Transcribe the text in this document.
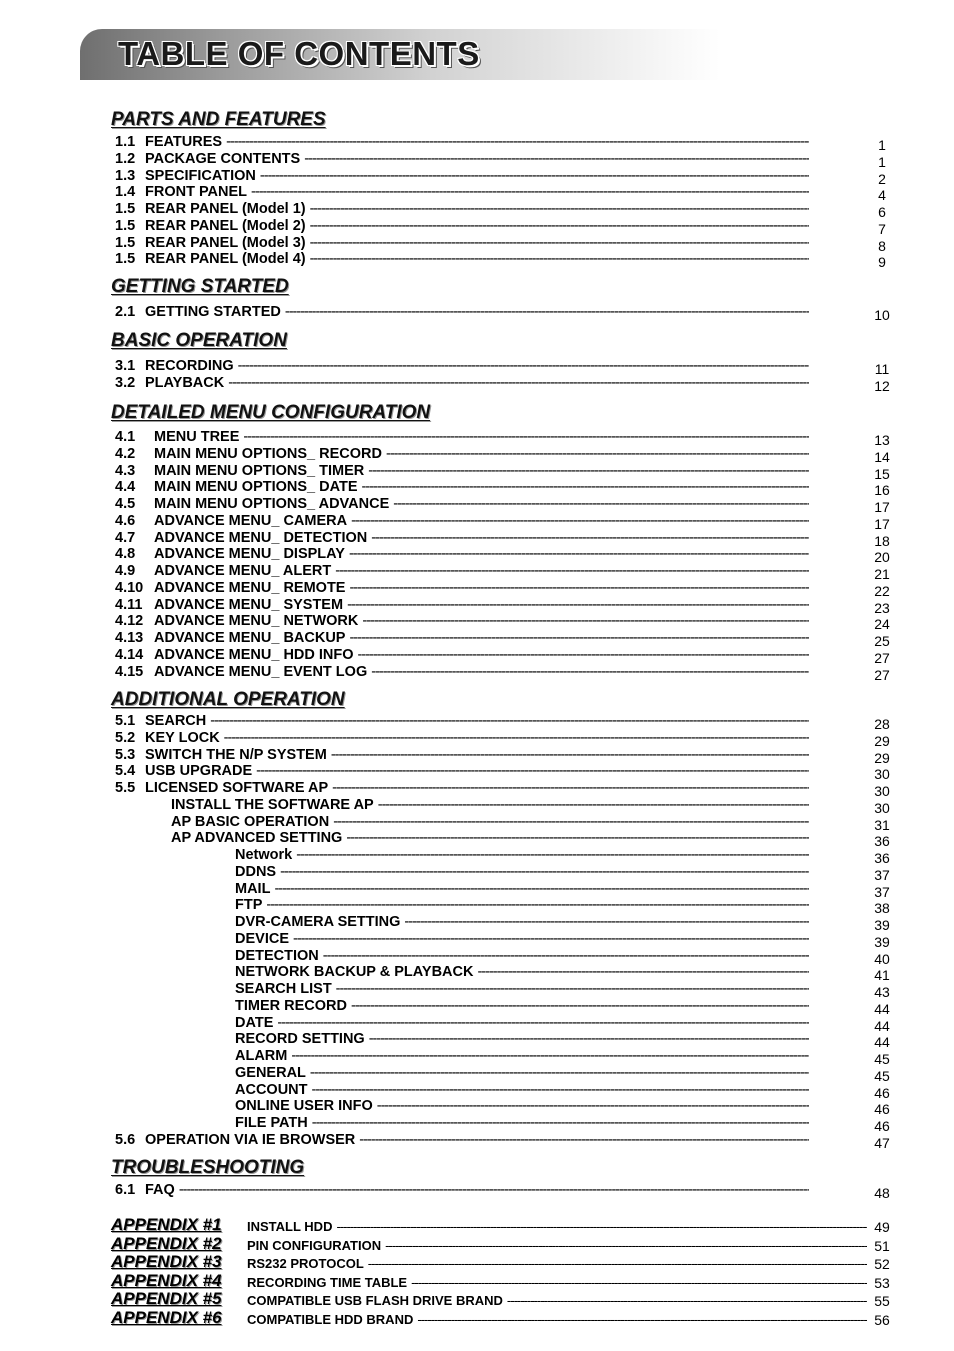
TABLE OF CONTENTS
PARTS AND FEATURES
1.1 FEATURES -----	1
1.2 PACKAGE CONTENTS -----	1
1.3 SPECIFICATION -----	2
1.4 FRONT PANEL -----	4
1.5 REAR PANEL (Model 1) -----	6
1.5 REAR PANEL (Model 2) -----	7
1.5 REAR PANEL (Model 3) -----	8
1.5 REAR PANEL (Model 4) -----	9
GETTING STARTED
2.1 GETTING STARTED -----	10
BASIC OPERATION
3.1 RECORDING -----	11
3.2 PLAYBACK -----	12
DETAILED MENU CONFIGURATION
4.1	MENU TREE -----	13
4.2	MAIN MENU OPTIONS_ RECORD -----	14
4.3	MAIN MENU OPTIONS_ TIMER -----	15
4.4	MAIN MENU OPTIONS_ DATE -----	16
4.5	MAIN MENU OPTIONS_ ADVANCE -----	17
4.6	ADVANCE MENU_ CAMERA -----	17
4.7	ADVANCE MENU_ DETECTION -----	18
4.8	ADVANCE MENU_ DISPLAY -----	20
4.9	ADVANCE MENU_ ALERT -----	21
4.10 ADVANCE MENU_ REMOTE -----	22
4.11 ADVANCE MENU_ SYSTEM -----	23
4.12 ADVANCE MENU_ NETWORK -----	24
4.13 ADVANCE MENU_ BACKUP -----	25
4.14 ADVANCE MENU_ HDD INFO -----	27
4.15 ADVANCE MENU_ EVENT LOG -----	27
ADDITIONAL OPERATION
5.1 SEARCH -----	28
5.2 KEY LOCK -----	29
5.3 SWITCH THE N/P SYSTEM -----	29
5.4 USB UPGRADE -----	30
5.5 LICENSED SOFTWARE AP -----	30
INSTALL THE SOFTWARE AP -----	30
AP BASIC OPERATION -----	31
AP ADVANCED SETTING -----	36
Network -----	36
DDNS -----	37
MAIL -----	37
FTP -----	38
DVR-CAMERA SETTING -----	39
DEVICE -----	39
DETECTION -----	40
NETWORK BACKUP & PLAYBACK -----	41
SEARCH LIST -----	43
TIMER RECORD -----	44
DATE -----	44
RECORD SETTING -----	44
ALARM -----	45
GENERAL -----	45
ACCOUNT -----	46
ONLINE USER INFO -----	46
FILE PATH -----	46
5.6 OPERATION VIA IE BROWSER -----	47
TROUBLESHOOTING
6.1 FAQ -----	48
APPENDIX #1 INSTALL HDD -----	49
APPENDIX #2 PIN CONFIGURATION -----	51
APPENDIX #3 RS232 PROTOCOL -----	52
APPENDIX #4 RECORDING TIME TABLE -----	53
APPENDIX #5 COMPATIBLE USB FLASH DRIVE BRAND -----	55
APPENDIX #6 COMPATIBLE HDD BRAND -----	56
